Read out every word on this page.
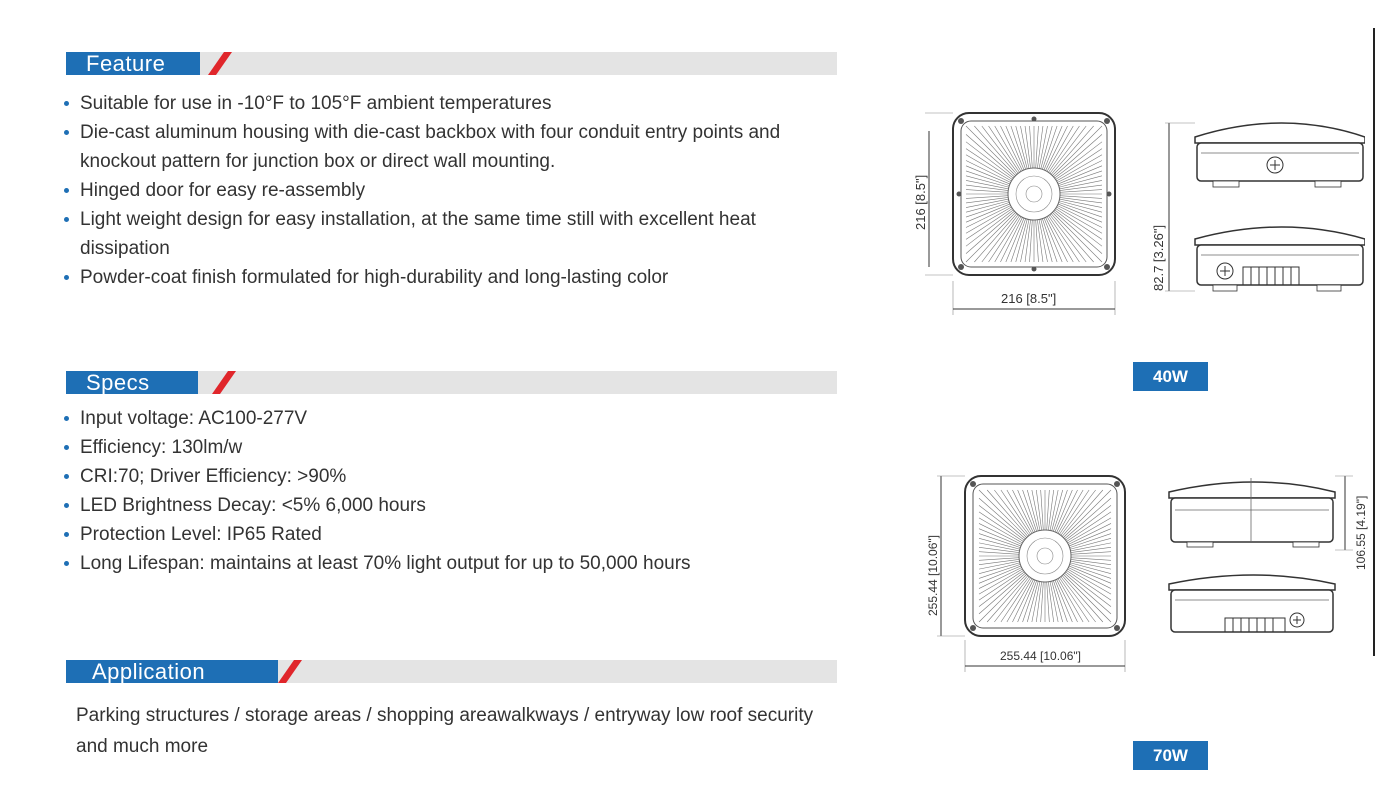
Feature
Suitable for use in -10°F to 105°F ambient temperatures
Die-cast aluminum housing with die-cast backbox with four conduit entry points and knockout pattern for junction box or direct wall mounting.
Hinged door for easy re-assembly
Light weight design for easy installation, at the same time still with excellent heat dissipation
Powder-coat finish formulated for high-durability and long-lasting color
Specs
Input voltage: AC100-277V
Efficiency: 130lm/w
CRI:70; Driver Efficiency: >90%
LED Brightness Decay: <5% 6,000 hours
Protection Level: IP65 Rated
Long Lifespan: maintains at least 70% light output for up to 50,000 hours
Application
Parking structures / storage areas / shopping areawalkways / entryway low roof security and much more
216 [8.5"]
216 [8.5"]
82.7 [3.26"]
40W
255.44 [10.06"]
255.44 [10.06"]
106.55 [4.19"]
70W
